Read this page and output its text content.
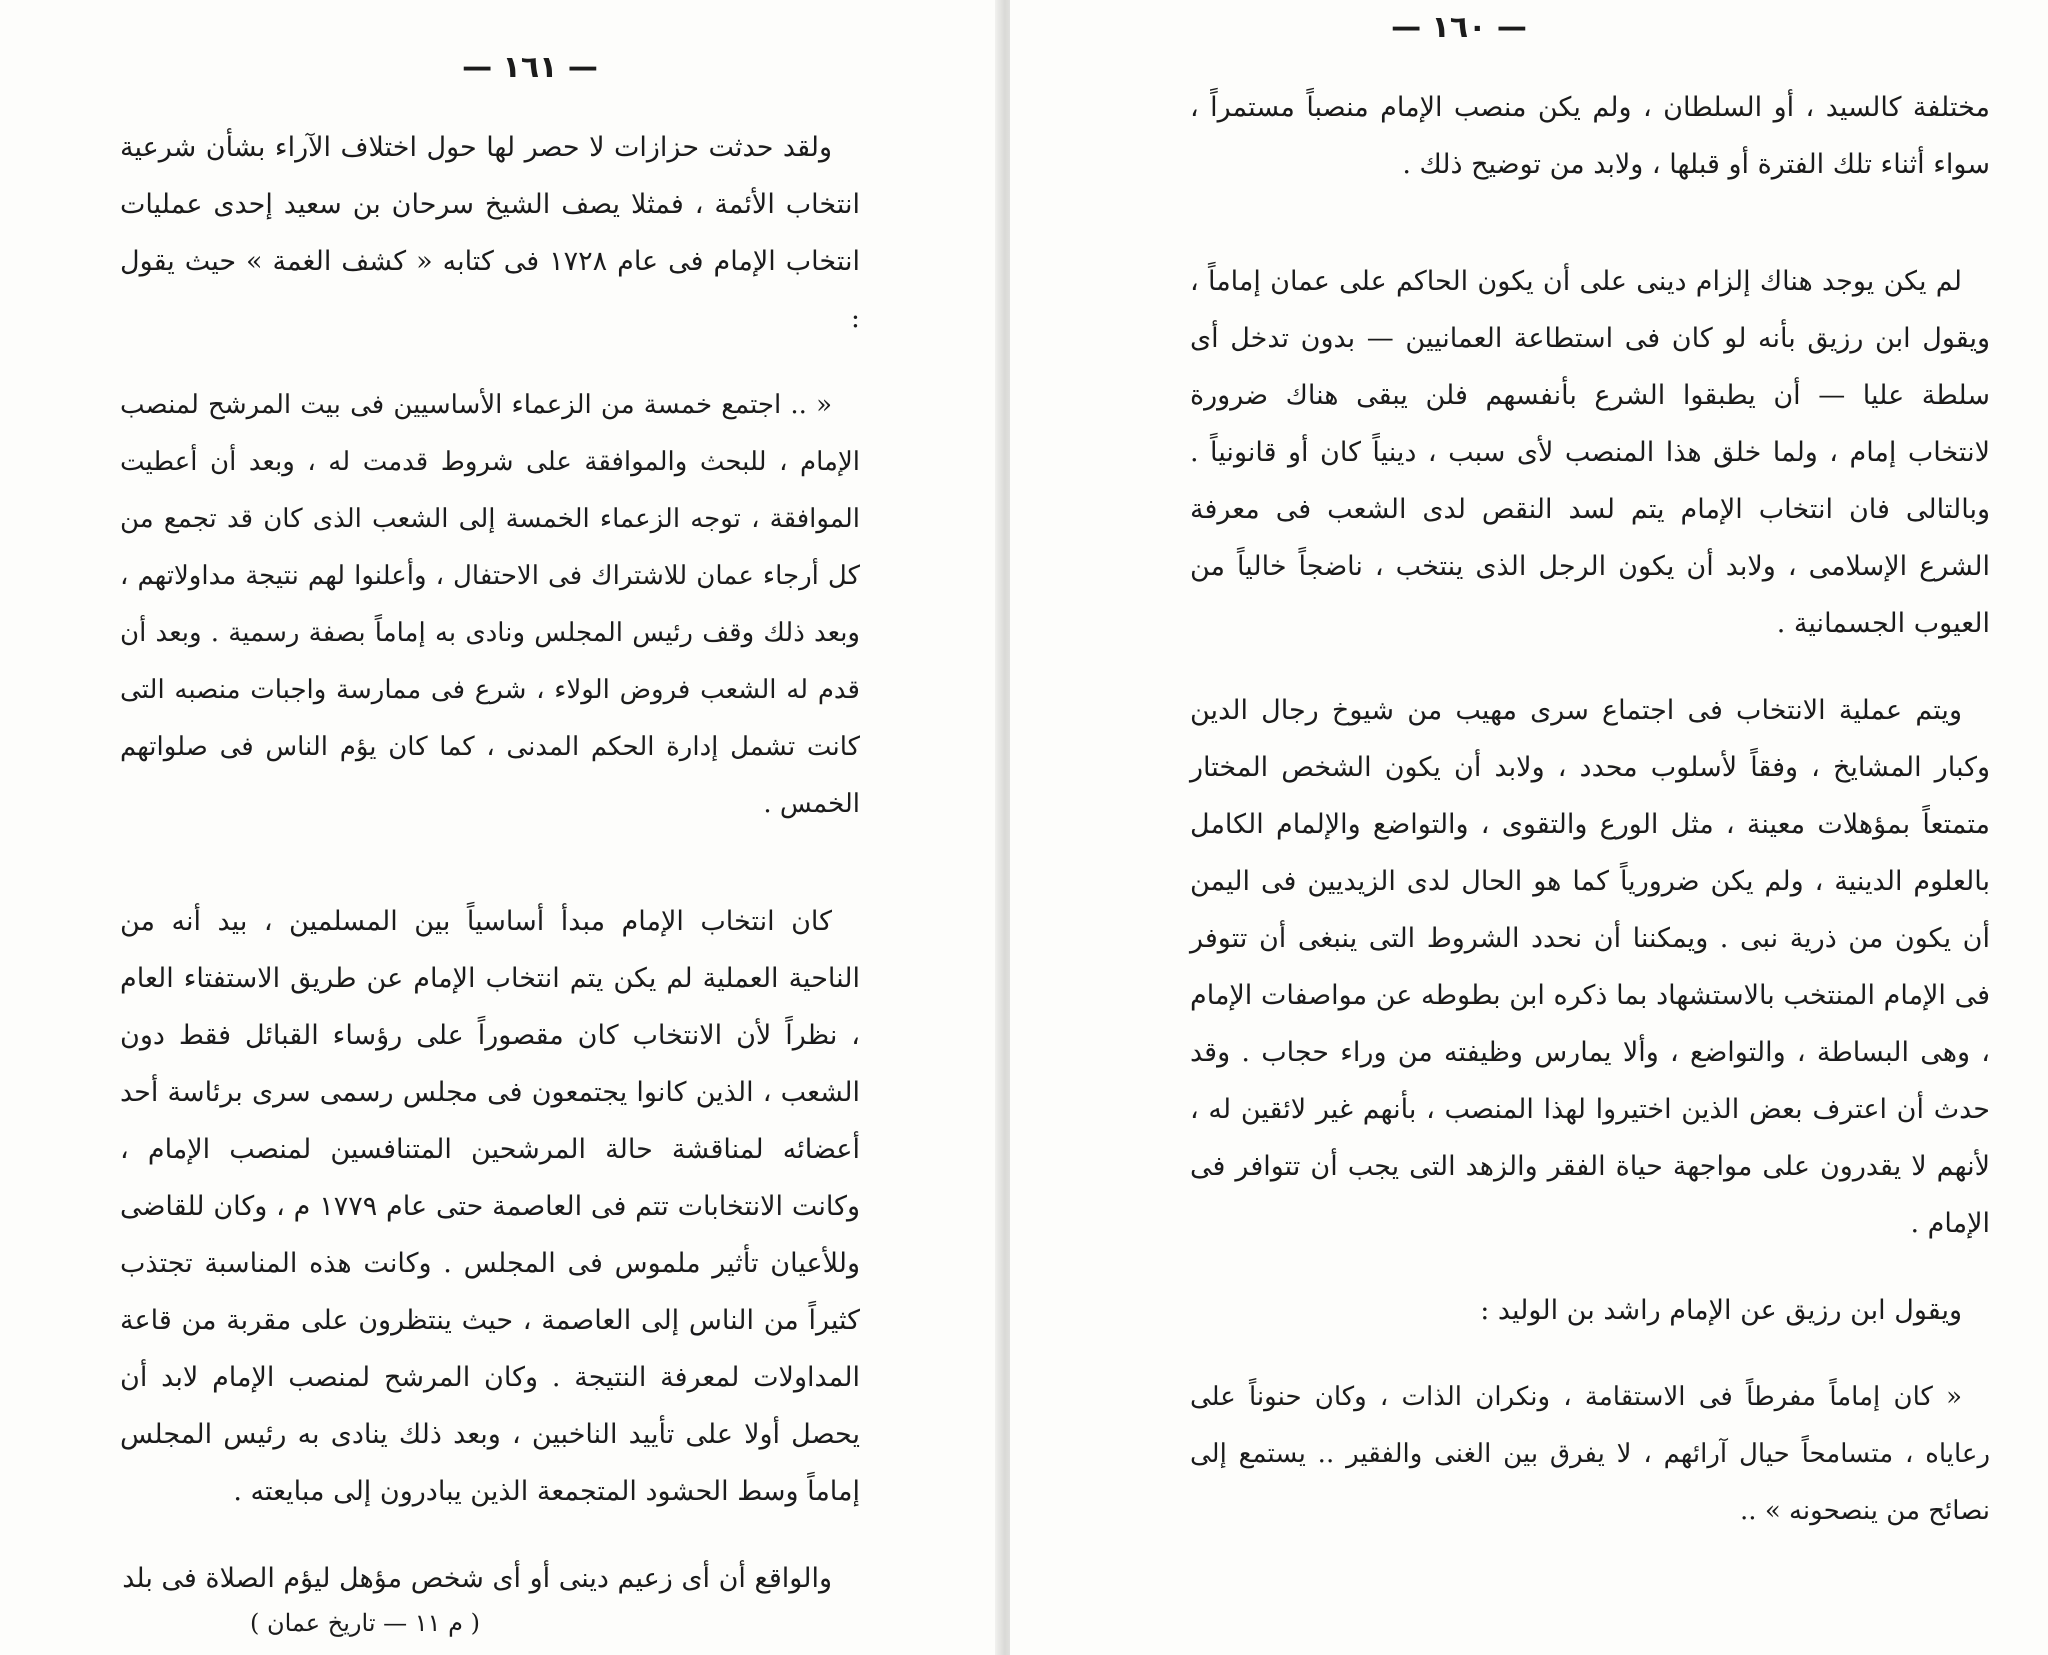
— ١٦١ —

ولقد حدثت حزازات لا حصر لها حول اختلاف الآراء بشأن شرعية انتخاب الأئمة ، فمثلا يصف الشيخ سرحان بن سعيد إحدى عمليات انتخاب الإمام فى عام ١٧٢٨ فى كتابه « كشف الغمة » حيث يقول :

« .. اجتمع خمسة من الزعماء الأساسيين فى بيت المرشح لمنصب الإمام ، للبحث والموافقة على شروط قدمت له ، وبعد أن أعطيت الموافقة ، توجه الزعماء الخمسة إلى الشعب الذى كان قد تجمع من كل أرجاء عمان للاشتراك فى الاحتفال ، وأعلنوا لهم نتيجة مداولاتهم ، وبعد ذلك وقف رئيس المجلس ونادى به إماماً بصفة رسمية . وبعد أن قدم له الشعب فروض الولاء ، شرع فى ممارسة واجبات منصبه التى كانت تشمل إدارة الحكم المدنى ، كما كان يؤم الناس فى صلواتهم الخمس .

كان انتخاب الإمام مبدأ أساسياً بين المسلمين ، بيد أنه من الناحية العملية لم يكن يتم انتخاب الإمام عن طريق الاستفتاء العام ، نظراً لأن الانتخاب كان مقصوراً على رؤساء القبائل فقط دون الشعب ، الذين كانوا يجتمعون فى مجلس رسمى سرى برئاسة أحد أعضائه لمناقشة حالة المرشحين المتنافسين لمنصب الإمام ، وكانت الانتخابات تتم فى العاصمة حتى عام ١٧٧٩ م ، وكان للقاضى وللأعيان تأثير ملموس فى المجلس . وكانت هذه المناسبة تجتذب كثيراً من الناس إلى العاصمة ، حيث ينتظرون على مقربة من قاعة المداولات لمعرفة النتيجة . وكان المرشح لمنصب الإمام لابد أن يحصل أولا على تأييد الناخبين ، وبعد ذلك ينادى به رئيس المجلس إماماً وسط الحشود المتجمعة الذين يبادرون إلى مبايعته .

والواقع أن أى زعيم دينى أو أى شخص مؤهل ليؤم الصلاة فى بلد

( م ١١ — تاريخ عمان )
— ١٦٠ —

مختلفة كالسيد ، أو السلطان ، ولم يكن منصب الإمام منصباً مستمراً ، سواء أثناء تلك الفترة أو قبلها ، ولابد من توضيح ذلك .

لم يكن يوجد هناك إلزام دينى على أن يكون الحاكم على عمان إماماً ، ويقول ابن رزيق بأنه لو كان فى استطاعة العمانيين — بدون تدخل أى سلطة عليا — أن يطبقوا الشرع بأنفسهم فلن يبقى هناك ضرورة لانتخاب إمام ، ولما خلق هذا المنصب لأى سبب ، دينياً كان أو قانونياً . وبالتالى فان انتخاب الإمام يتم لسد النقص لدى الشعب فى معرفة الشرع الإسلامى ، ولابد أن يكون الرجل الذى ينتخب ، ناضجاً خالياً من العيوب الجسمانية .

ويتم عملية الانتخاب فى اجتماع سرى مهيب من شيوخ رجال الدين وكبار المشايخ ، وفقاً لأسلوب محدد ، ولابد أن يكون الشخص المختار متمتعاً بمؤهلات معينة ، مثل الورع والتقوى ، والتواضع والإلمام الكامل بالعلوم الدينية ، ولم يكن ضرورياً كما هو الحال لدى الزيديين فى اليمن أن يكون من ذرية نبى . ويمكننا أن نحدد الشروط التى ينبغى أن تتوفر فى الإمام المنتخب بالاستشهاد بما ذكره ابن بطوطه عن مواصفات الإمام ، وهى البساطة ، والتواضع ، وألا يمارس وظيفته من وراء حجاب . وقد حدث أن اعترف بعض الذين اختيروا لهذا المنصب ، بأنهم غير لائقين له ، لأنهم لا يقدرون على مواجهة حياة الفقر والزهد التى يجب أن تتوافر فى الإمام .

ويقول ابن رزيق عن الإمام راشد بن الوليد :

« كان إماماً مفرطاً فى الاستقامة ، ونكران الذات ، وكان حنوناً على رعاياه ، متسامحاً حيال آرائهم ، لا يفرق بين الغنى والفقير .. يستمع إلى نصائح من ينصحونه » ..
